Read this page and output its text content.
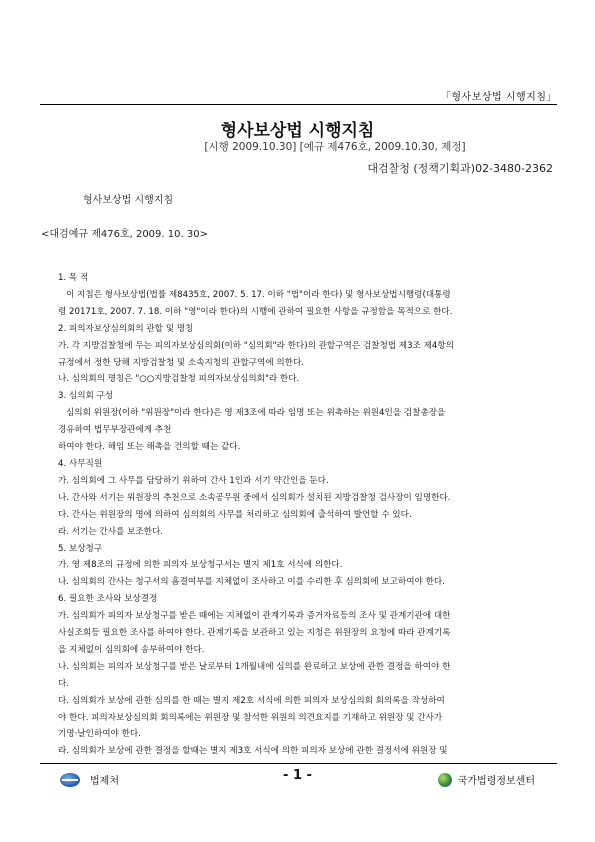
「형사보상법 시행지침」
형사보상법 시행지침
[시행 2009.10.30] [예규 제476호, 2009.10.30, 제정]
대검찰청 (정책기획과)02-3480-2362
형사보상법 시행지침
<대검예규 제476호, 2009. 10. 30>
1. 목 적
이 지침은 형사보상법(법률 제8435호, 2007. 5. 17. 이하 "법"이라 한다) 및 형사보상법시행령(대통령
령 20171호, 2007. 7. 18. 이하 "영"이라 한다)의 시행에 관하여 필요한 사항을 규정함을 목적으로 한다.
2. 피의자보상심의회의 관할 및 명칭
가. 각 지방검찰청에 두는 피의자보상심의회(이하 "심의회"라 한다)의 관할구역은 검찰청법 제3조 제4항의
규정에서 정한 당해 지방검찰청 및 소속지청의 관할구역에 의한다.
나. 심의회의 명칭은 "○○지방검찰청 피의자보상심의회"라 한다.
3. 심의회 구성
심의회 위원장(이하 "위원장"이라 한다)은 영 제3조에 따라 임명 또는 위촉하는 위원4인을 검찰총장을
경유하여 법무부장관에게 추천
하여야 한다. 해임 또는 해촉을 건의할 때는 같다.
4. 사무직원
가. 심의회에 그 사무를 담당하기 위하여 간사 1인과 서기 약간인을 둔다.
나. 간사와 서기는 위원장의 추천으로 소속공무원 중에서 심의회가 설치된 지방검찰청 검사장이 임명한다.
다. 간사는 위원장의 명에 의하여 심의회의 사무를 처리하고 심의회에 출석하여 발언할 수 있다.
라. 서기는 간사를 보조한다.
5. 보상청구
가. 영 제8조의 규정에 의한 피의자 보상청구서는 별지 제1호 서식에 의한다.
나. 심의회의 간사는 청구서의 흠결여부를 지체없이 조사하고 이를 수리한 후 심의회에 보고하여야 한다.
6. 필요한 조사와 보상결정
가. 심의회가 피의자 보상청구를 받은 때에는 지체없이 관계기록과 증거자료등의 조사 및 관계기관에 대한
사실조회등 필요한 조사를 하여야 한다. 관계기록을 보관하고 있는 지청은 위원장의 요청에 따라 관계기록
을 지체없이 심의회에 송부하여야 한다.
나. 심의회는 피의자 보상청구를 받은 날로부터 1개월내에 심의를 완료하고 보상에 관한 결정을 하여야 한
다.
다. 심의회가 보상에 관한 심의를 한 때는 별지 제2호 서식에 의한 피의자 보상심의회 회의록을 작성하여
야 한다. 피의자보상심의회 회의록에는 위원장 및 참석한 위원의 의견요지를 기재하고 위원장 및 간사가
기명·날인하여야 한다.
라. 심의회가 보상에 관한 결정을 할때는 별지 제3호 서식에 의한 피의자 보상에 관한 결정서에 위원장 및
법제처	- 1 -	국가법령정보센터
